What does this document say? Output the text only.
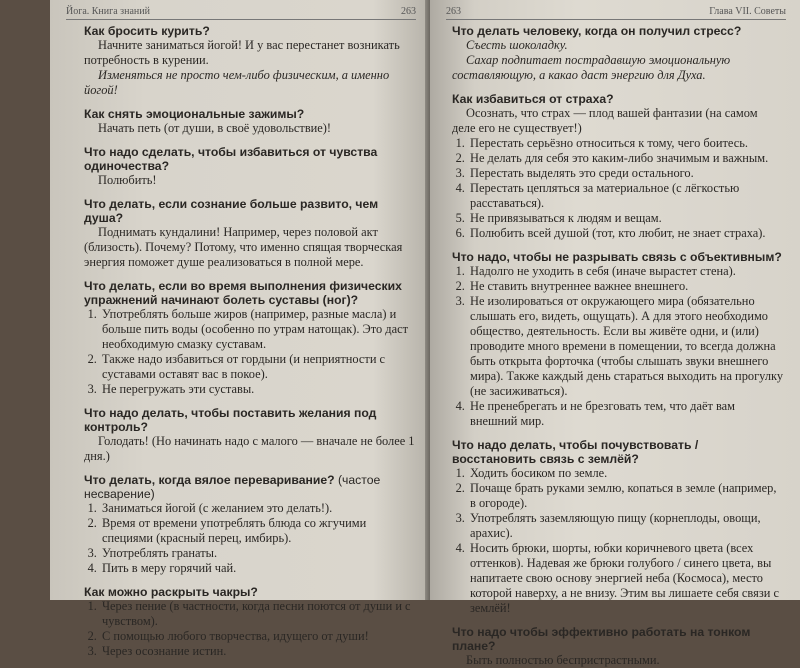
Йога. Книга знаний	263
Как бросить курить?

Начните заниматься йогой! И у вас перестанет возникать потребность в курении.

Изменяться не просто чем-либо физическим, а именно йогой!

Как снять эмоциональные зажимы?

Начать петь (от души, в своё удовольствие)!

Что надо сделать, чтобы избавиться от чувства одиночества?

Полюбить!

Что делать, если сознание больше развито, чем душа?

Поднимать кундалини! Например, через половой акт (близость). Почему? Потому, что именно спящая творческая энергия поможет душе реализоваться в полной мере.

Что делать, если во время выполнения физических упражнений начинают болеть суставы (ног)?
1. Употреблять больше жиров (например, разные масла) и больше пить воды (особенно по утрам натощак). Это даст необходимую смазку суставам.
2. Также надо избавиться от гордыни (и неприятности с суставами оставят вас в покое).
3. Не перегружать эти суставы.
Что надо делать, чтобы поставить желания под контроль?

Голодать! (Но начинать надо с малого — вначале не более 1 дня.)

Что делать, когда вялое переваривание? (частое несварение)
1. Заниматься йогой (с желанием это делать!).
2. Время от времени употреблять блюда со жгучими специями (красный перец, имбирь).
3. Употреблять гранаты.
4. Пить в меру горячий чай.
Как можно раскрыть чакры?
1. Через пение (в частности, когда песни поются от души и с чувством).
2. С помощью любого творчества, идущего от души!
3. Через осознание истин.
263	Глава VII. Советы
Что делать человеку, когда он получил стресс?

Съесть шоколадку.

Сахар подпитает пострадавшую эмоциональную составляющую, а какао даст энергию для Духа.

Как избавиться от страха?

Осознать, что страх — плод вашей фантазии (на самом деле его не существует!)

1. Перестать серьёзно относиться к тому, чего боитесь.
2. Не делать для себя это каким-либо значимым и важным.
3. Перестать выделять это среди остального.
4. Перестать цепляться за материальное (с лёгкостью расставаться).
5. Не привязываться к людям и вещам.
6. Полюбить всей душой (тот, кто любит, не знает страха).
Что надо, чтобы не разрывать связь с объективным?
1. Надолго не уходить в себя (иначе вырастет стена).
2. Не ставить внутреннее важнее внешнего.
3. Не изолироваться от окружающего мира (обязательно слышать его, видеть, ощущать). А для этого необходимо общество, деятельность. Если вы живёте одни, и (или) проводите много времени в помещении, то всегда должна быть открыта форточка (чтобы слышать звуки внешнего мира). Также каждый день стараться выходить на прогулку (не засиживаться).
4. Не пренебрегать и не брезговать тем, что даёт вам внешний мир.
Что надо делать, чтобы почувствовать / восстановить связь с землёй?
1. Ходить босиком по земле.
2. Почаще брать руками землю, копаться в земле (например, в огороде).
3. Употреблять заземляющую пищу (корнеплоды, овощи, арахис).
4. Носить брюки, шорты, юбки коричневого цвета (всех оттенков). Надевая же брюки голубого / синего цвета, вы напитаете свою основу энергией неба (Космоса), место которой наверху, а не внизу. Этим вы лишаете себя связи с землёй!
Что надо чтобы эффективно работать на тонком плане?

Быть полностью беспристрастными.
